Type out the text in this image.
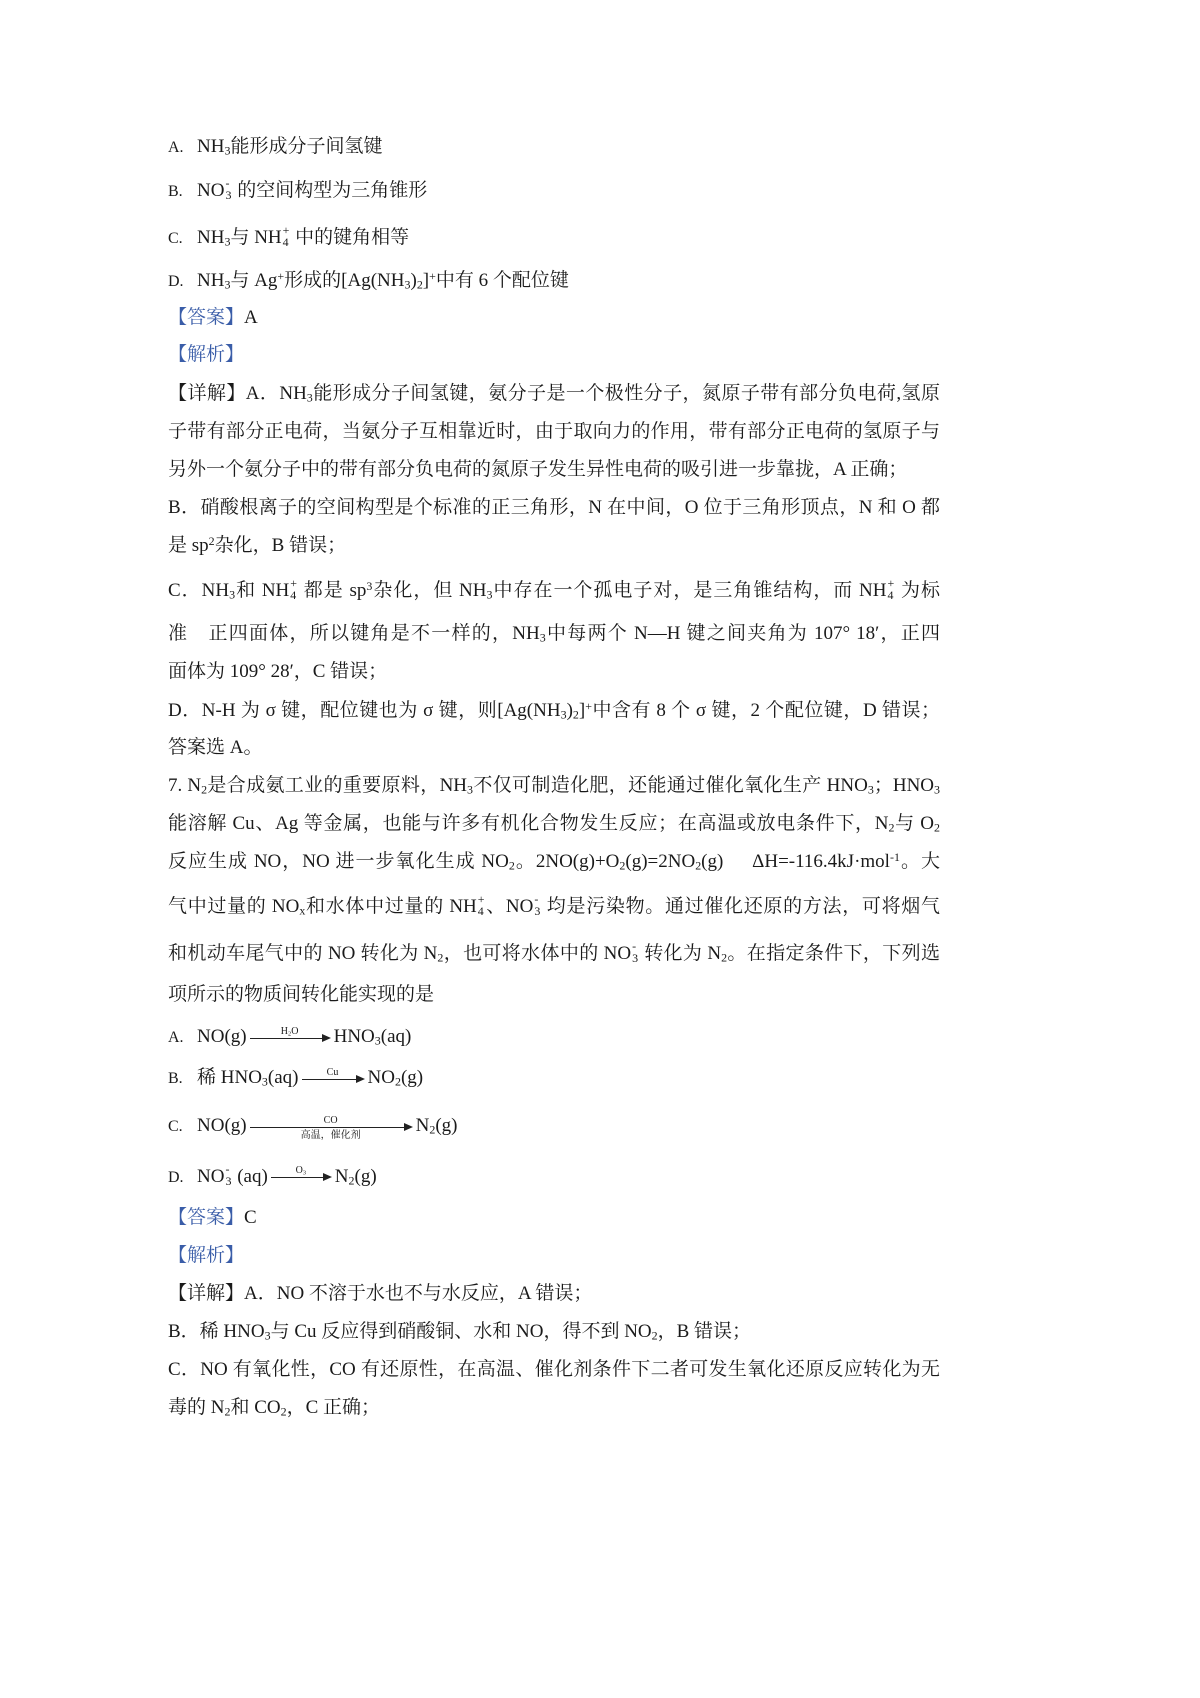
A. $NH_3$能形成分子间氢键
B. NO -
3 的空间构型为三角锥形
C. $NH_3$与 NH +
4 中的键角相等
D. $NH_3$与 Ag+形成的$[Ag(NH_3)_2]^+$中有 6 个配位键
【答案】A
【解析】
【详解】A．$NH_3$能形成分子间氢键，氨分子是一个极性分子，氮原子带有部分负电荷,氢原
子带有部分正电荷，当氨分子互相靠近时，由于取向力的作用，带有部分正电荷的氢原子与
另外一个氨分子中的带有部分负电荷的氮原子发生异性电荷的吸引进一步靠拢，A 正确；
B．硝酸根离子的空间构型是个标准的正三角形，N 在中间，O 位于三角形顶点，N 和 O 都
是 $sp^2$杂化，B 错误；
C．$NH_3$和 NH +
4 都是 $sp^3$杂化，但 $NH_3$中存在一个孤电子对，是三角锥结构，而 NH +
4 为标
准　正四面体，所以键角是不一样的，$NH_3$中每两个 N—H 键之间夹角为 107° 18′，正四
面体为 109° 28′，C 错误；
D．N-H 为 σ 键，配位键也为 σ 键，则$[Ag(NH_3)_2]^+$中含有 8 个 σ 键，2 个配位键，D 错误；
答案选 A。
7. $N_2$是合成氨工业的重要原料，$NH_3$不仅可制造化肥，还能通过催化氧化生产 $HNO_3$；$HNO_3$
能溶解 Cu、Ag 等金属，也能与许多有机化合物发生反应；在高温或放电条件下，$N_2$与 $O_2$
反应生成 NO，NO 进一步氧化生成 $NO_2$。$2NO(g)+O_2(g)=2NO_2(g)$     ΔH=-116.4kJ·mol$^{-1}$。大
气中过量的 $NO_x$和水体中过量的 NH +
4 、NO -
3 均是污染物。通过催化还原的方法，可将烟气
和机动车尾气中的 NO 转化为 $N_2$，也可将水体中的 NO -
3 转化为 $N_2$。在指定条件下，下列选
项所示的物质间转化能实现的是
A. NO(g)	$H_2O$	$HNO_3(aq)$
B. 稀 $HNO_3(aq)$	Cu	$NO_2(g)$
C. NO(g)	CO
高温，催化剂	$N_2(g)$
D. NO -
3 (aq)	$O_3$	$N_2(g)$
【答案】C
【解析】
【详解】A．NO 不溶于水也不与水反应，A 错误；
B．稀 $HNO_3$与 Cu 反应得到硝酸铜、水和 NO，得不到 $NO_2$，B 错误；
C．NO 有氧化性，CO 有还原性，在高温、催化剂条件下二者可发生氧化还原反应转化为无
毒的 $N_2$和 $CO_2$，C 正确；
